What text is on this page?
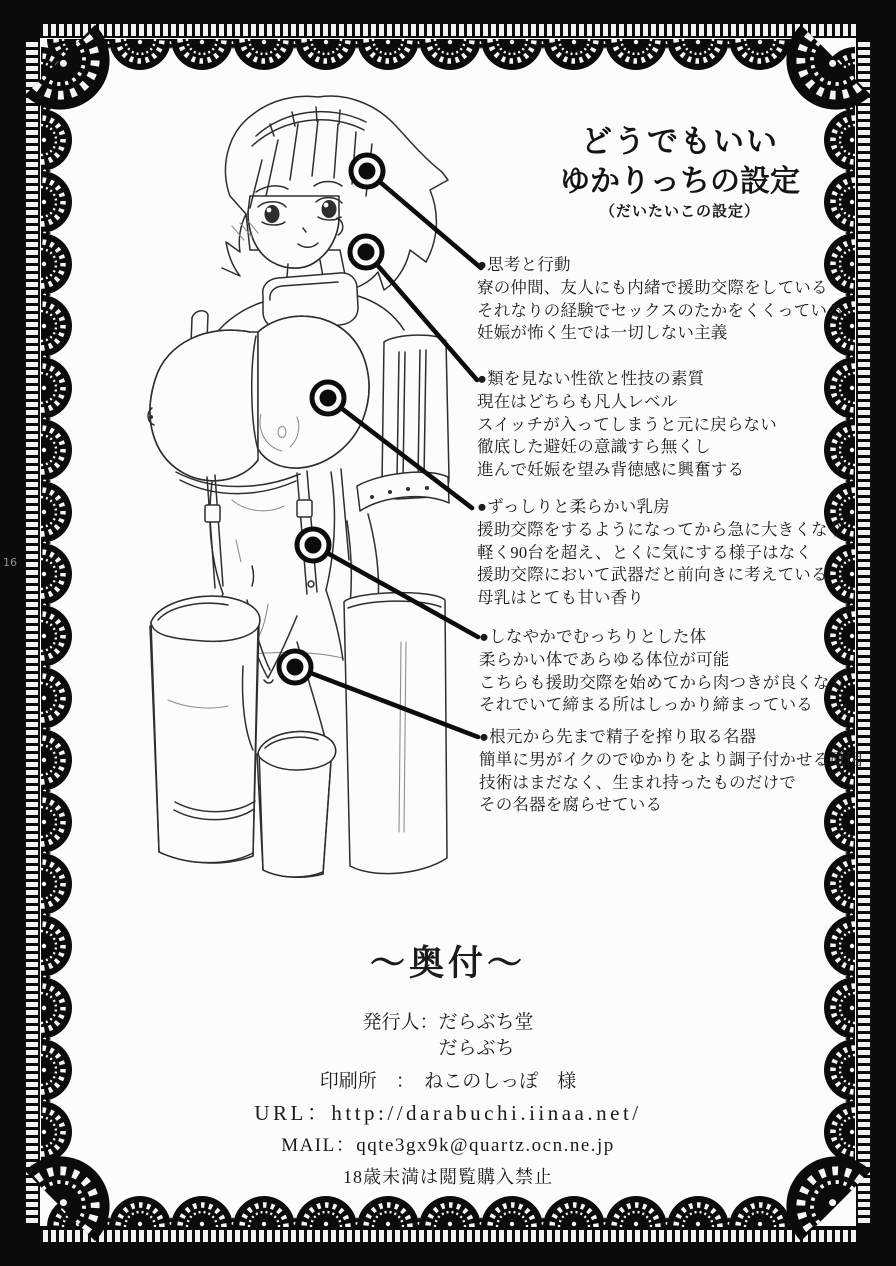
どうでもいい
ゆかりっちの設定
（だいたいこの設定）
●思考と行動
寮の仲間、友人にも内緒で援助交際をしている
それなりの経験でセックスのたかをくくっている
妊娠が怖く生では一切しない主義
●類を見ない性欲と性技の素質
現在はどちらも凡人レベル
スイッチが入ってしまうと元に戻らない
徹底した避妊の意識すら無くし
進んで妊娠を望み背徳感に興奮する
●ずっしりと柔らかい乳房
援助交際をするようになってから急に大きくなり
軽く90台を超え、とくに気にする様子はなく
援助交際において武器だと前向きに考えている
母乳はとても甘い香り
●しなやかでむっちりとした体
柔らかい体であらゆる体位が可能
こちらも援助交際を始めてから肉つきが良くなり
それでいて締まる所はしっかり締まっている
●根元から先まで精子を搾り取る名器
簡単に男がイクのでゆかりをより調子付かせる原因
技術はまだなく、生まれ持ったものだけで
その名器を腐らせている
～奥付～
発行人：だらぶち堂
だらぶち
印刷所　：　ねこのしっぽ　様
URL：http://darabuchi.iinaa.net/
MAIL：qqte3gx9k@quartz.ocn.ne.jp
18歳未満は閲覧購入禁止
16
